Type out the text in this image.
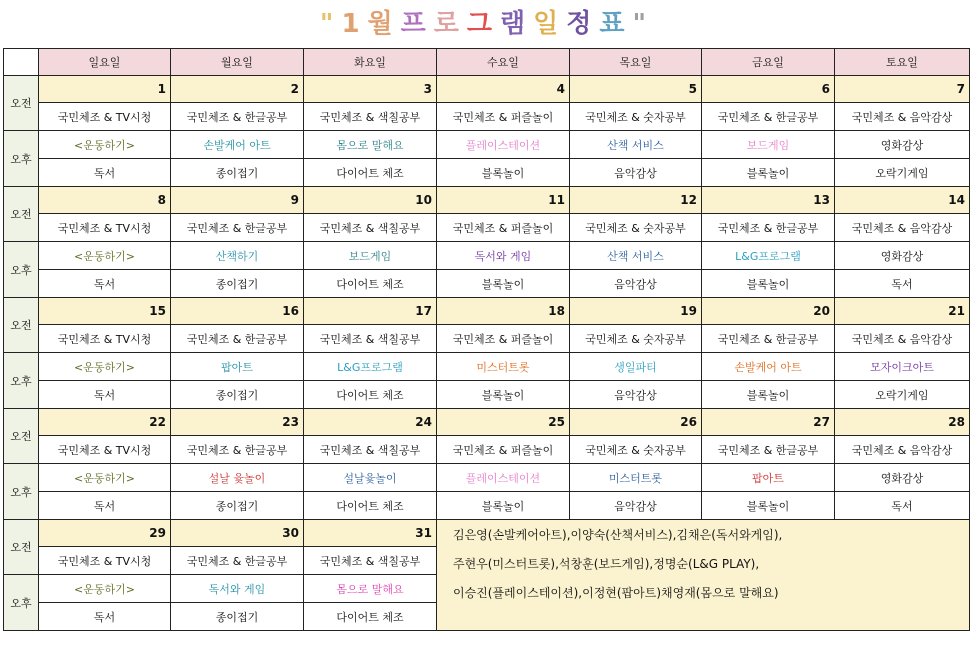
"1월프로그램일정표"
	일요일	월요일	화요일	수요일	목요일	금요일	토요일
오전	1	2	3	4	5	6	7
	국민체조 & TV시청	국민체조 & 한글공부	국민체조 & 색칠공부	국민체조 & 퍼즐놀이	국민체조 & 숫자공부	국민체조 & 한글공부	국민체조 & 음악감상
오후	<운동하기>	손발케어 아트	몸으로 말해요	플레이스테이션	산책 서비스	보드게임	영화감상
	독서	종이접기	다이어트 체조	블록놀이	음악감상	블록놀이	오락기게임
오전	8	9	10	11	12	13	14
	국민체조 & TV시청	국민체조 & 한글공부	국민체조 & 색칠공부	국민체조 & 퍼즐놀이	국민체조 & 숫자공부	국민체조 & 한글공부	국민체조 & 음악감상
오후	<운동하기>	산책하기	보드게임	독서와 게임	산책 서비스	L&G프로그램	영화감상
	독서	종이접기	다이어트 체조	블록놀이	음악감상	블록놀이	독서
오전	15	16	17	18	19	20	21
	국민체조 & TV시청	국민체조 & 한글공부	국민체조 & 색칠공부	국민체조 & 퍼즐놀이	국민체조 & 숫자공부	국민체조 & 한글공부	국민체조 & 음악감상
오후	<운동하기>	팝아트	L&G프로그램	미스터트롯	생일파티	손발케어 아트	모자이크아트
	독서	종이접기	다이어트 체조	블록놀이	음악감상	블록놀이	오락기게임
오전	22	23	24	25	26	27	28
	국민체조 & TV시청	국민체조 & 한글공부	국민체조 & 색칠공부	국민체조 & 퍼즐놀이	국민체조 & 숫자공부	국민체조 & 한글공부	국민체조 & 음악감상
오후	<운동하기>	설날 윷놀이	설날윷놀이	플레이스테이션	미스터트롯	팝아트	영화감상
	독서	종이접기	다이어트 체조	블록놀이	음악감상	블록놀이	독서
오전	29	30	31	김은영(손발케어아트),이양숙(산책서비스),김채은(독서와게임),
주현우(미스터트롯),석창훈(보드게임),정명순(L&G PLAY),
이승진(플레이스테이션),이정현(팝아트)채영재(몸으로 말해요)			

	국민체조 & TV시청	국민체조 & 한글공부	국민체조 & 색칠공부				
오후	<운동하기>	독서와 게임	몸으로 말해요				
	독서	종이접기	다이어트 체조				
